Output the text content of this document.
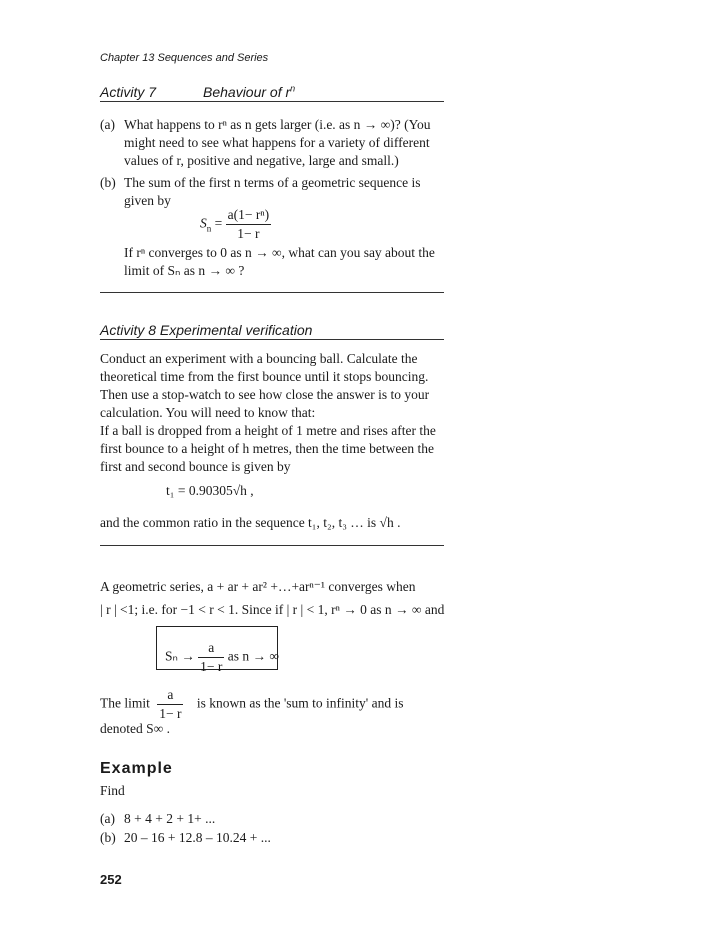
Chapter 13 Sequences and Series
Activity 7	Behaviour of $r^n$
(a) What happens to rⁿ as n gets larger (i.e. as n → ∞)? (You might need to see what happens for a variety of different values of r, positive and negative, large and small.)
(b) The sum of the first n terms of a geometric sequence is given by
$S_n = \frac{\text{a(1− rⁿ)}}{1- r}$
If rⁿ converges to 0 as n → ∞, what can you say about the limit of Sₙ as n → ∞ ?
Activity 8 Experimental verification
Conduct an experiment with a bouncing ball. Calculate the theoretical time from the first bounce until it stops bouncing. Then use a stop-watch to see how close the answer is to your calculation. You will need to know that:
If a ball is dropped from a height of 1 metre and rises after the first bounce to a height of h metres, then the time between the first and second bounce is given by
t₁ = 0.90305√h ,
and the common ratio in the sequence t₁, t₂, t₃ … is √h .
A geometric series, a + ar + ar² +…+arⁿ⁻¹ converges when
| r | <1; i.e. for −1 < r < 1. Since if | r | < 1, rⁿ → 0 as n → ∞ and
$S_n \to \frac{a}{1- r}$ as n → ∞
The limit $\frac{a}{1- r}$ is known as the 'sum to infinity' and is
denoted S∞ .
Example
Find
(a) 8 + 4 + 2 + 1+ ...
(b) 20 – 16 + 12.8 – 10.24 + ...
252
